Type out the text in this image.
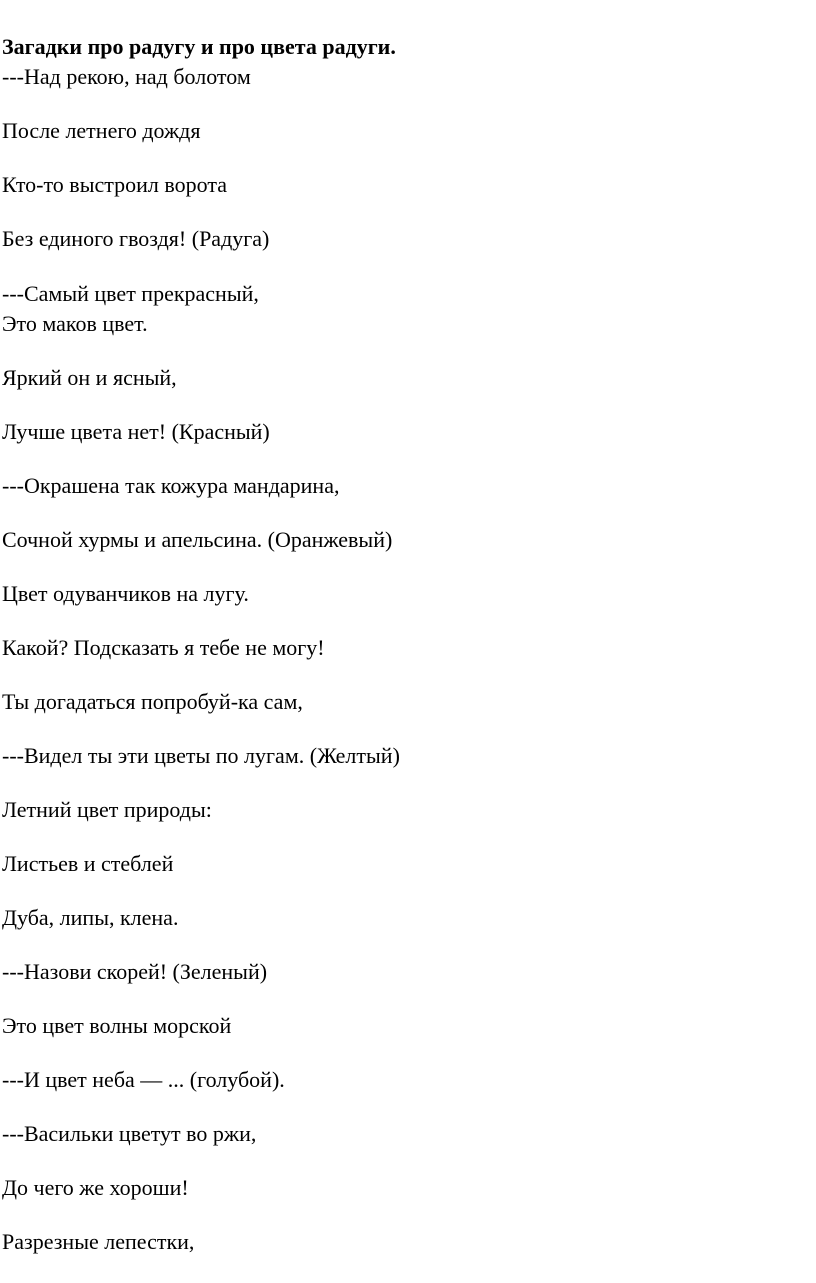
Загадки про радугу и про цвета радуги.
---Над рекою, над болотом
После летнего дождя
Кто-то выстроил ворота
Без единого гвоздя! (Радуга)
---Самый цвет прекрасный,
Это маков цвет.
Яркий он и ясный,
Лучше цвета нет! (Красный)
---Окрашена так кожура мандарина,
Сочной хурмы и апельсина. (Оранжевый)
Цвет одуванчиков на лугу.
Какой? Подсказать я тебе не могу!
Ты догадаться попробуй-ка сам,
---Видел ты эти цветы по лугам. (Желтый)
Летний цвет природы:
Листьев и стеблей
Дуба, липы, клена.
---Назови скорей! (Зеленый)
Это цвет волны морской
---И цвет неба — ... (голубой).
---Васильки цветут во ржи,
До чего же хороши!
Разрезные лепестки,
